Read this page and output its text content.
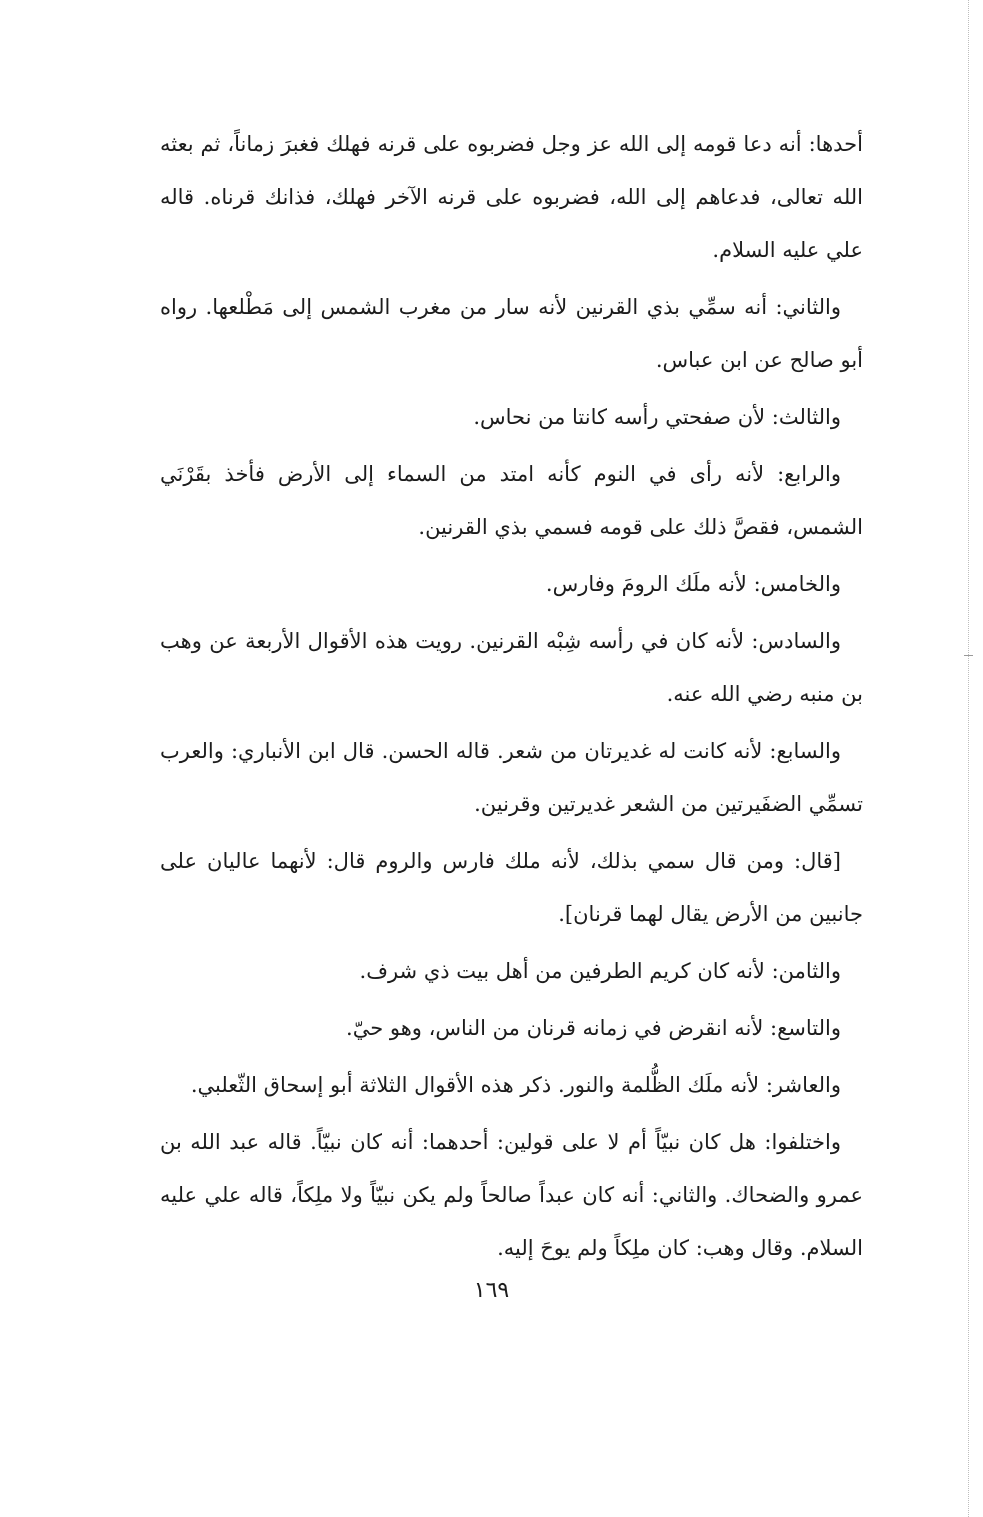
أحدها: أنه دعا قومه إلى الله عز وجل فضربوه على قرنه فهلك فغبرَ زماناً، ثم بعثه الله تعالى، فدعاهم إلى الله، فضربوه على قرنه الآخر فهلك، فذانك قرناه. قاله علي عليه السلام.

والثاني: أنه سمِّي بذي القرنين لأنه سار من مغرب الشمس إلى مَطْلعها. رواه أبو صالح عن ابن عباس.

والثالث: لأن صفحتي رأسه كانتا من نحاس.

والرابع: لأنه رأى في النوم كأنه امتد من السماء إلى الأرض فأخذ بقَرْنَي الشمس، فقصَّ ذلك على قومه فسمي بذي القرنين.

والخامس: لأنه ملَك الرومَ وفارس.

والسادس: لأنه كان في رأسه شِبْه القرنين. رويت هذه الأقوال الأربعة عن وهب بن منبه رضي الله عنه.

والسابع: لأنه كانت له غديرتان من شعر. قاله الحسن. قال ابن الأنباري: والعرب تسمِّي الضفَيرتين من الشعر غديرتين وقرنين.

[قال: ومن قال سمي بذلك، لأنه ملك فارس والروم قال: لأنهما عاليان على جانبين من الأرض يقال لهما قرنان].

والثامن: لأنه كان كريم الطرفين من أهل بيت ذي شرف.

والتاسع: لأنه انقرض في زمانه قرنان من الناس، وهو حيّ.

والعاشر: لأنه ملَك الظُّلمة والنور. ذكر هذه الأقوال الثلاثة أبو إسحاق الثّعلبي.

واختلفوا: هل كان نبيّاً أم لا على قولين: أحدهما: أنه كان نبيّاً. قاله عبد الله بن عمرو والضحاك. والثاني: أنه كان عبداً صالحاً ولم يكن نبيّاً ولا ملِكاً، قاله علي عليه السلام. وقال وهب: كان ملِكاً ولم يوحَ إليه.

١٦٩
